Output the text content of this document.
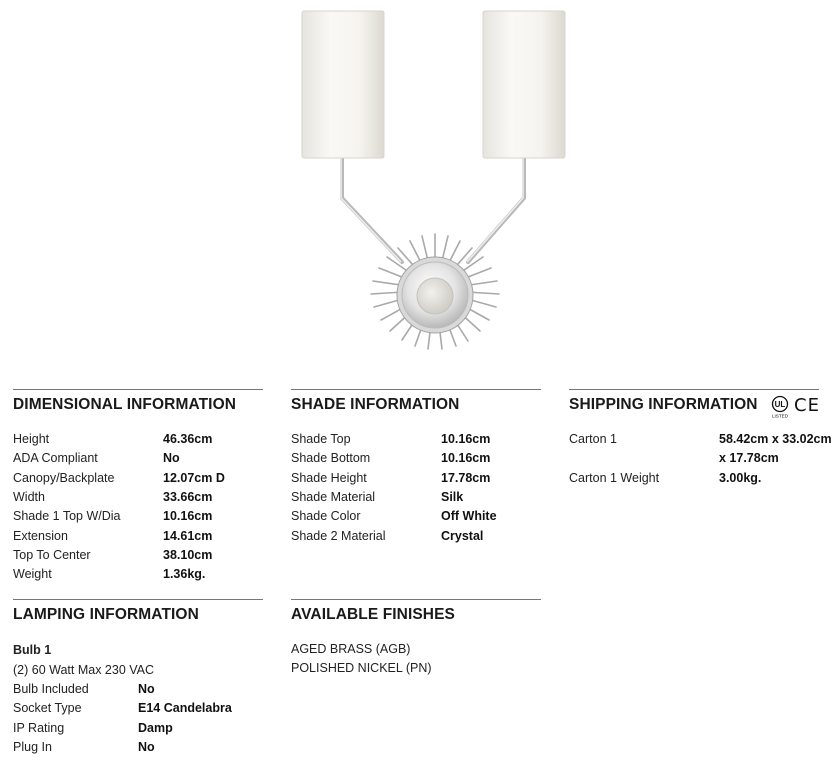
DIMENSIONAL INFORMATION
Height	46.36cm
ADA Compliant	No
Canopy/Backplate	12.07cm D
Width	33.66cm
Shade 1 Top W/Dia	10.16cm
Extension	14.61cm
Top To Center	38.10cm
Weight	1.36kg.
SHADE INFORMATION
Shade Top	10.16cm
Shade Bottom	10.16cm
Shade Height	17.78cm
Shade Material	Silk
Shade Color	Off White
Shade 2 Material	Crystal
SHIPPING INFORMATION UL
LISTED CE
Carton 1	58.42cm x 33.02cm
x 17.78cm
Carton 1 Weight	3.00kg.
LAMPING INFORMATION
Bulb 1
(2) 60 Watt Max 230 VAC
Bulb Included	No
Socket Type	E14 Candelabra
IP Rating	Damp
Plug In	No
AVAILABLE FINISHES
AGED BRASS (AGB)
POLISHED NICKEL (PN)
